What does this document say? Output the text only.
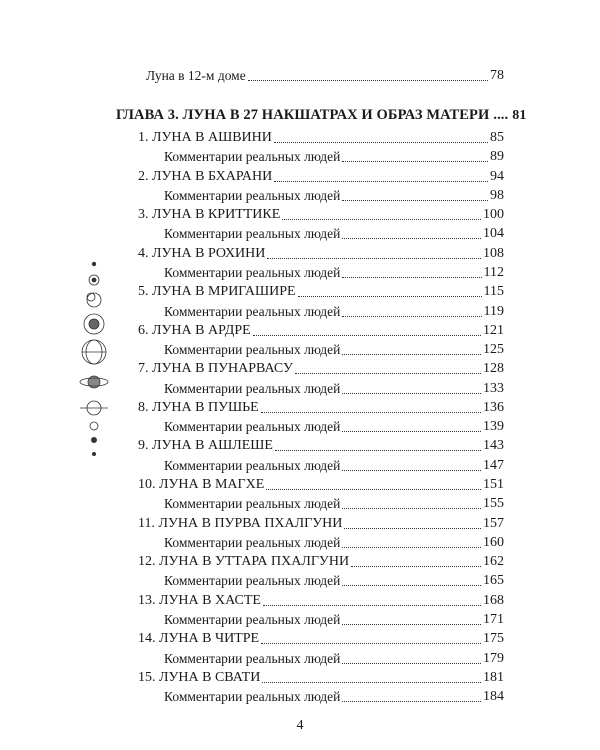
Луна в 12-м доме	78
ГЛАВА 3. ЛУНА В 27 НАКШАТРАХ И ОБРАЗ МАТЕРИ .... 81
1. ЛУНА В АШВИНИ	85
Комментарии реальных людей	89
2. ЛУНА В БХАРАНИ	94
Комментарии реальных людей	98
3. ЛУНА В КРИТТИКЕ	100
Комментарии реальных людей	104
4. ЛУНА В РОХИНИ	108
Комментарии реальных людей	112
5. ЛУНА В МРИГАШИРЕ	115
Комментарии реальных людей	119
6. ЛУНА В АРДРЕ	121
Комментарии реальных людей	125
7. ЛУНА В ПУНАРВАСУ	128
Комментарии реальных людей	133
8. ЛУНА В ПУШЬЕ	136
Комментарии реальных людей	139
9. ЛУНА В АШЛЕШЕ	143
Комментарии реальных людей	147
10. ЛУНА В МАГХЕ	151
Комментарии реальных людей	155
11. ЛУНА В ПУРВА ПХАЛГУНИ	157
Комментарии реальных людей	160
12. ЛУНА В УТТАРА ПХАЛГУНИ	162
Комментарии реальных людей	165
13. ЛУНА В ХАСТЕ	168
Комментарии реальных людей	171
14. ЛУНА В ЧИТРЕ	175
Комментарии реальных людей	179
15. ЛУНА В СВАТИ	181
Комментарии реальных людей	184
4
